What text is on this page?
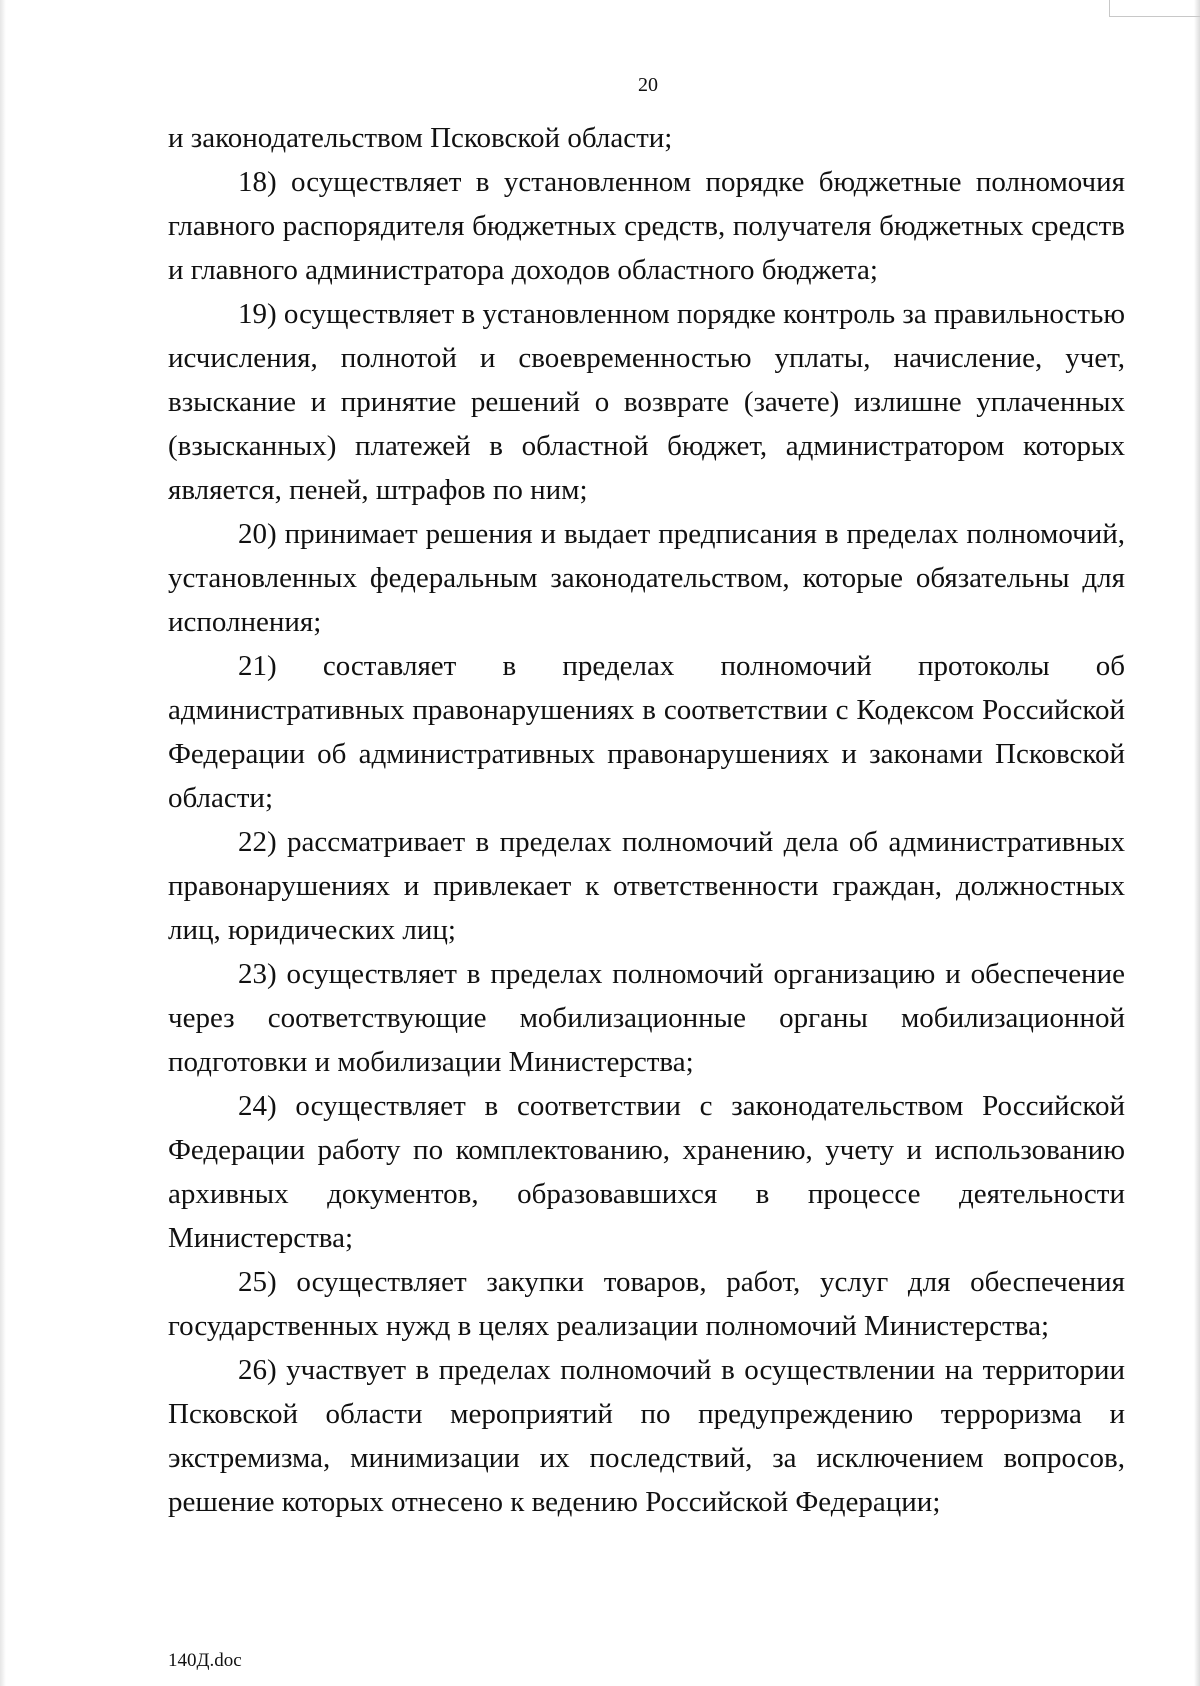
20

и законодательством Псковской области;

18) осуществляет в установленном порядке бюджетные полномочия главного распорядителя бюджетных средств, получателя бюджетных средств и главного администратора доходов областного бюджета;

19) осуществляет в установленном порядке контроль за правильностью исчисления, полнотой и своевременностью уплаты, начисление, учет, взыскание и принятие решений о возврате (зачете) излишне уплаченных (взысканных) платежей в областной бюджет, администратором которых является, пеней, штрафов по ним;

20) принимает решения и выдает предписания в пределах полномочий, установленных федеральным законодательством, которые обязательны для исполнения;

21) составляет в пределах полномочий протоколы об административных правонарушениях в соответствии с Кодексом Российской Федерации об административных правонарушениях и законами Псковской области;

22) рассматривает в пределах полномочий дела об административных правонарушениях и привлекает к ответственности граждан, должностных лиц, юридических лиц;

23) осуществляет в пределах полномочий организацию и обеспечение через соответствующие мобилизационные органы мобилизационной подготовки и мобилизации Министерства;

24) осуществляет в соответствии с законодательством Российской Федерации работу по комплектованию, хранению, учету и использованию архивных документов, образовавшихся в процессе деятельности Министерства;

25) осуществляет закупки товаров, работ, услуг для обеспечения государственных нужд в целях реализации полномочий Министерства;

26) участвует в пределах полномочий в осуществлении на территории Псковской области мероприятий по предупреждению терроризма и экстремизма, минимизации их последствий, за исключением вопросов, решение которых отнесено к ведению Российской Федерации;

140Д.doc
